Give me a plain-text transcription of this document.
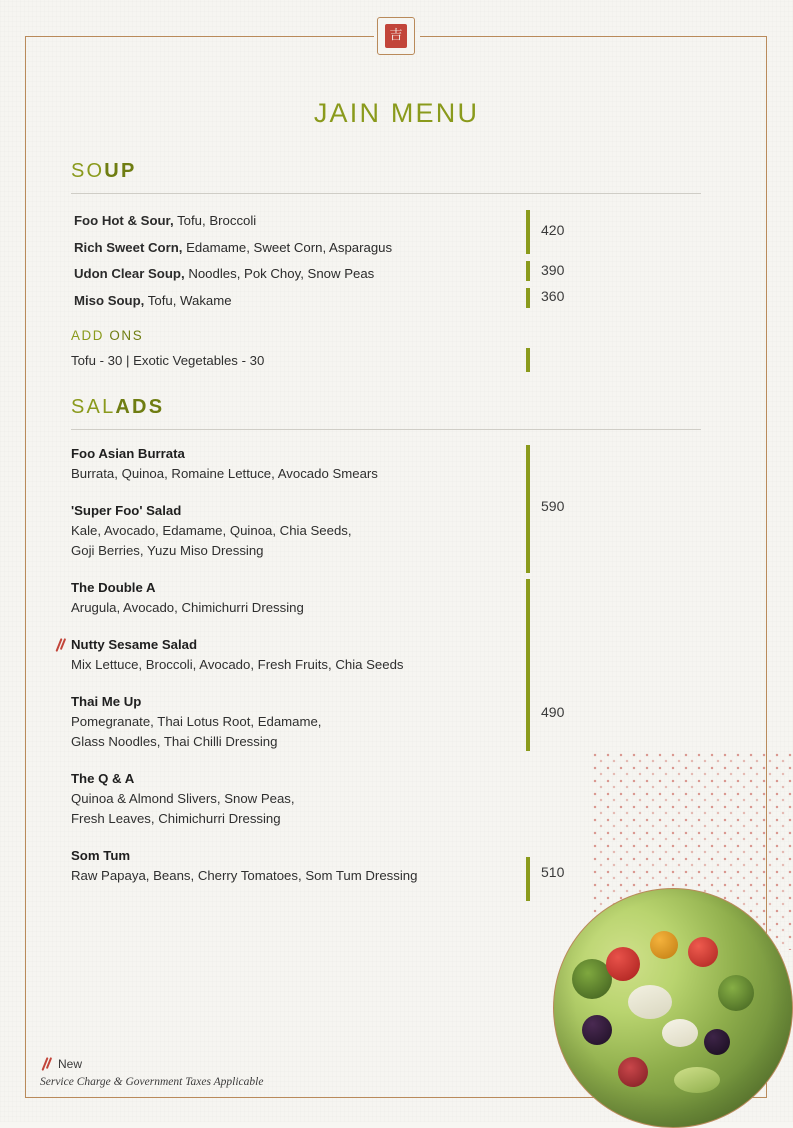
吉
JAIN MENU
SOUP
Foo Hot & Sour, Tofu, Broccoli
Rich Sweet Corn, Edamame, Sweet Corn, Asparagus
Udon Clear Soup, Noodles, Pok Choy, Snow Peas
Miso Soup, Tofu, Wakame
420
390
360
ADD ONS
Tofu - 30 | Exotic Vegetables - 30
SALADS
Foo Asian Burrata
Burrata, Quinoa, Romaine Lettuce, Avocado Smears
'Super Foo' Salad
Kale, Avocado, Edamame, Quinoa, Chia Seeds,
Goji Berries, Yuzu Miso Dressing
The Double A
Arugula, Avocado, Chimichurri Dressing
Nutty Sesame Salad
Mix Lettuce, Broccoli, Avocado, Fresh Fruits, Chia Seeds
Thai Me Up
Pomegranate, Thai Lotus Root, Edamame,
Glass Noodles, Thai Chilli Dressing
The Q & A
Quinoa & Almond Slivers, Snow Peas,
Fresh Leaves, Chimichurri Dressing
Som Tum
Raw Papaya, Beans, Cherry Tomatoes, Som Tum Dressing
590
490
510
New
Service Charge & Government Taxes Applicable
